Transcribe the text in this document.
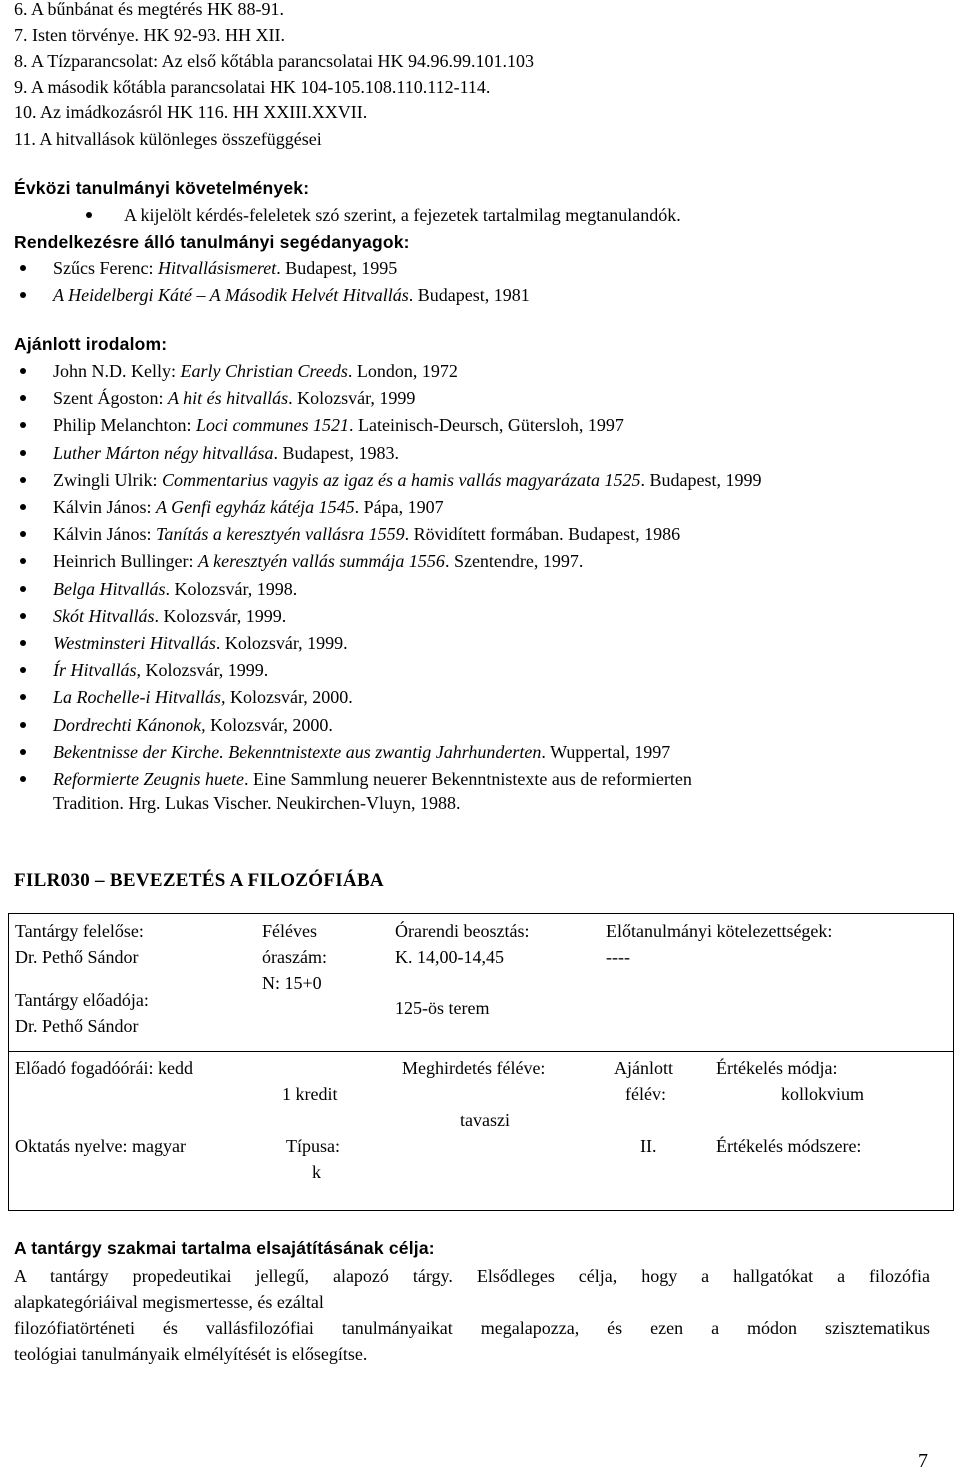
6. A bűnbánat és megtérés HK 88-91.
7. Isten törvénye. HK 92-93. HH XII.
8. A Tízparancsolat: Az első kőtábla parancsolatai HK 94.96.99.101.103
9. A második kőtábla parancsolatai HK 104-105.108.110.112-114.
10. Az imádkozásról HK 116. HH XXIII.XXVII.
11. A hitvallások különleges összefüggései
Évközi tanulmányi követelmények:
A kijelölt kérdés-feleletek szó szerint, a fejezetek tartalmilag megtanulandók.
Rendelkezésre álló tanulmányi segédanyagok:
Szűcs Ferenc: Hitvallásismeret. Budapest, 1995
A Heidelbergi Káté – A Második Helvét Hitvallás. Budapest, 1981
Ajánlott irodalom:
John N.D. Kelly: Early Christian Creeds. London, 1972
Szent Ágoston: A hit és hitvallás. Kolozsvár, 1999
Philip Melanchton: Loci communes 1521. Lateinisch-Deursch, Gütersloh, 1997
Luther Márton négy hitvallása. Budapest, 1983.
Zwingli Ulrik: Commentarius vagyis az igaz és a hamis vallás magyarázata 1525. Budapest, 1999
Kálvin János: A Genfi egyház kátéja 1545. Pápa, 1907
Kálvin János: Tanítás a keresztyén vallásra 1559. Rövidített formában. Budapest, 1986
Heinrich Bullinger: A keresztyén vallás summája 1556. Szentendre, 1997.
Belga Hitvallás. Kolozsvár, 1998.
Skót Hitvallás. Kolozsvár, 1999.
Westminsteri Hitvallás. Kolozsvár, 1999.
Ír Hitvallás, Kolozsvár, 1999.
La Rochelle-i Hitvallás, Kolozsvár, 2000.
Dordrechti Kánonok, Kolozsvár, 2000.
Bekentnisse der Kirche. Bekenntnistexte aus zwantig Jahrhunderten. Wuppertal, 1997
Reformierte Zeugnis huete. Eine Sammlung neuerer Bekenntnistexte aus de reformierten
Tradition. Hrg. Lukas Vischer. Neukirchen-Vluyn, 1988.
FILR030 – BEVEZETÉS A FILOZÓFIÁBA
Tantárgy felelőse:
Dr. Pethő Sándor
Tantárgy előadója:
Dr. Pethő Sándor
Féléves
óraszám:
N: 15+0
Órarendi beosztás:
K. 14,00-14,45
125-ös terem
Előtanulmányi kötelezettségek:
----
Előadó fogadóórái: kedd
Oktatás nyelve: magyar
1 kredit
Típusa:
k
Meghirdetés féléve:
tavaszi
Ajánlott
félév:
II.
Értékelés módja:
kollokvium
Értékelés módszere:
A tantárgy szakmai tartalma elsajátításának célja:
A tantárgy propedeutikai jellegű, alapozó tárgy. Elsődleges célja, hogy a hallgatókat a filozófia
alapkategóriáival megismertesse, és ezáltal
filozófiatörténeti és vallásfilozófiai tanulmányaikat megalapozza, és ezen a módon szisztematikus
teológiai tanulmányaik elmélyítését is elősegítse.
7
